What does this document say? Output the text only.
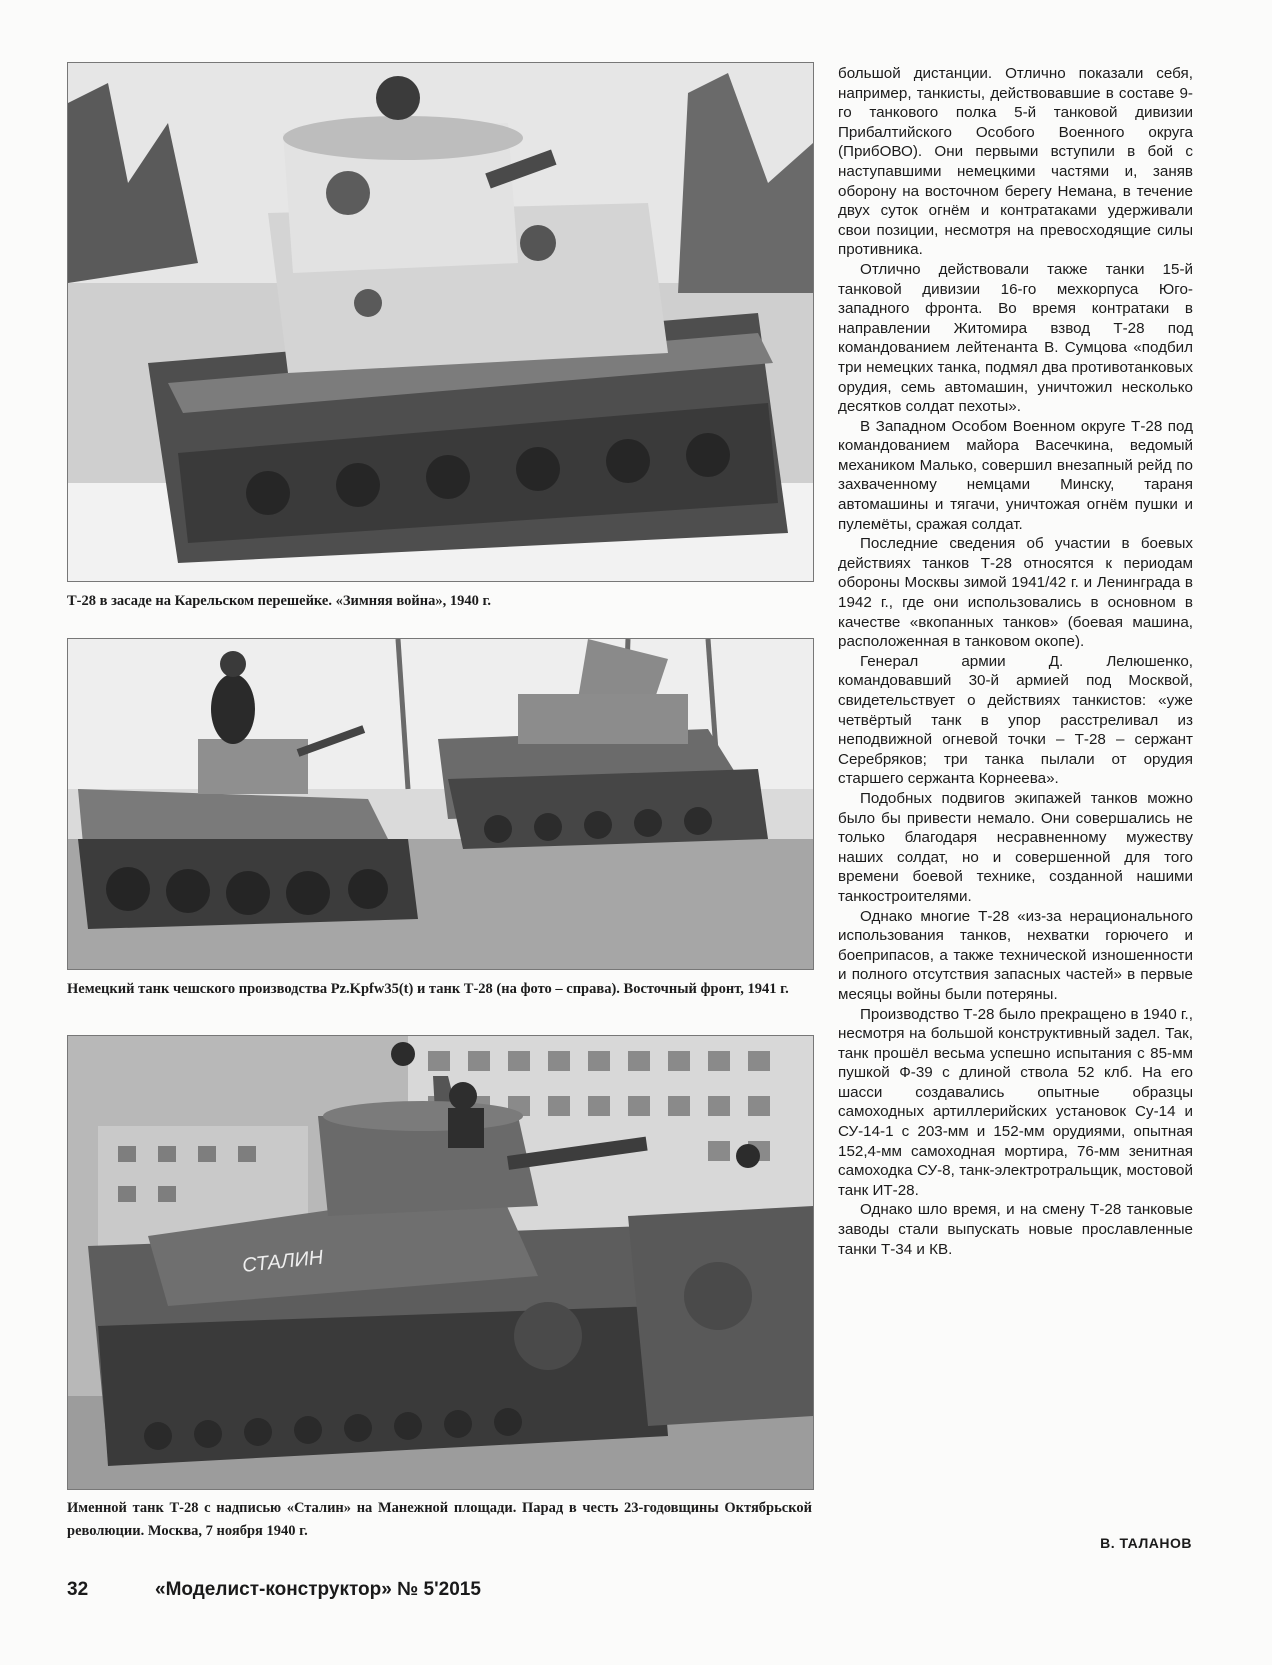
Т-28 в засаде на Карельском перешейке. «Зимняя война», 1940 г.
Немецкий танк чешского производства Pz.Kpfw35(t) и танк Т-28 (на фото – справа). Восточный фронт, 1941 г.
СТАЛИН
Именной танк Т-28 с надписью «Сталин» на Манежной площади. Парад в честь 23-годовщины Октябрьской революции. Москва, 7 ноября 1940 г.

большой дистанции. Отлично показали себя, например, танкисты, действовавшие в составе 9-го танкового полка 5-й танковой дивизии Прибалтийского Особого Военного округа (ПрибОВО). Они первыми вступили в бой с наступавшими немецкими частями и, заняв оборону на восточном берегу Немана, в течение двух суток огнём и контратаками удерживали свои позиции, несмотря на превосходящие силы противника.

Отлично действовали также танки 15-й танковой дивизии 16-го мехкорпуса Юго-западного фронта. Во время контратаки в направлении Житомира взвод Т-28 под командованием лейтенанта В. Сумцова «подбил три немецких танка, подмял два противотанковых орудия, семь автомашин, уничтожил несколько десятков солдат пехоты».

В Западном Особом Военном округе Т-28 под командованием майора Васечкина, ведомый механиком Малько, совершил внезапный рейд по захваченному немцами Минску, тараня автомашины и тягачи, уничтожая огнём пушки и пулемёты, сражая солдат.

Последние сведения об участии в боевых действиях танков Т-28 относятся к периодам обороны Москвы зимой 1941/42 г. и Ленинграда в 1942 г., где они использовались в основном в качестве «вкопанных танков» (боевая машина, расположенная в танковом окопе).

Генерал армии Д. Лелюшенко, командовавший 30-й армией под Москвой, свидетельствует о действиях танкистов: «уже четвёртый танк в упор расстреливал из неподвижной огневой точки – Т-28 – сержант Серебряков; три танка пылали от орудия старшего сержанта Корнеева».

Подобных подвигов экипажей танков можно было бы привести немало. Они совершались не только благодаря несравненному мужеству наших солдат, но и совершенной для того времени боевой технике, созданной нашими танкостроителями.

Однако многие Т-28 «из-за нерационального использования танков, нехватки горючего и боеприпасов, а также технической изношенности и полного отсутствия запасных частей» в первые месяцы войны были потеряны.

Производство Т-28 было прекращено в 1940 г., несмотря на большой конструктивный задел. Так, танк прошёл весьма успешно испытания с 85-мм пушкой Ф-39 с длиной ствола 52 клб. На его шасси создавались опытные образцы самоходных артиллерийских установок Су-14 и СУ-14-1 с 203-мм и 152-мм орудиями, опытная 152,4-мм самоходная мортира, 76-мм зенитная самоходка СУ-8, танк-электротральщик, мостовой танк ИТ-28.

Однако шло время, и на смену Т-28 танковые заводы стали выпускать новые прославленные танки Т-34 и КВ.

В. ТАЛАНОВ
32	«Моделист-конструктор» № 5'2015
